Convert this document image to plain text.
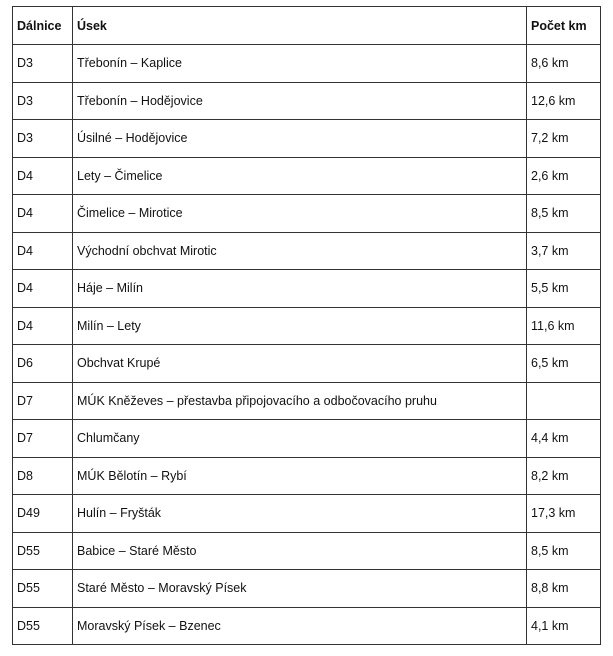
Dálnice	Úsek	Počet km
D3	Třebonín – Kaplice	8,6 km
D3	Třebonín – Hodějovice	12,6 km
D3	Úsilné – Hodějovice	7,2 km
D4	Lety – Čimelice	2,6 km
D4	Čimelice – Mirotice	8,5 km
D4	Východní obchvat Mirotic	3,7 km
D4	Háje – Milín	5,5 km
D4	Milín – Lety	11,6 km
D6	Obchvat Krupé	6,5 km
D7	MÚK Kněževes – přestavba připojovacího a odbočovacího pruhu	
D7	Chlumčany	4,4 km
D8	MÚK Bělotín – Rybí	8,2 km
D49	Hulín – Fryšták	17,3 km
D55	Babice – Staré Město	8,5 km
D55	Staré Město – Moravský Písek	8,8 km
D55	Moravský Písek – Bzenec	4,1 km
